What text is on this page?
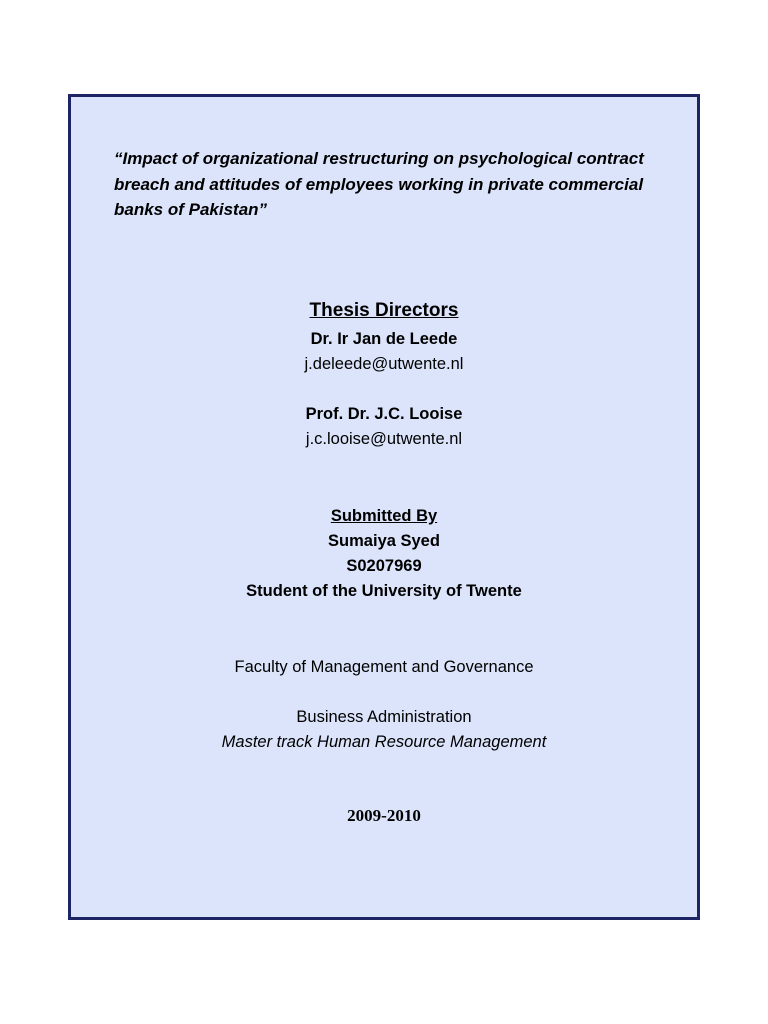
“Impact of organizational restructuring on psychological contract breach and attitudes of employees working in private commercial banks of Pakistan”

Thesis Directors
Dr. Ir Jan de Leede
j.deleede@utwente.nl
Prof. Dr. J.C. Looise
j.c.looise@utwente.nl
Submitted By
Sumaiya Syed
S0207969
Student of the University of Twente
Faculty of Management and Governance
Business Administration
Master track Human Resource Management
2009-2010
